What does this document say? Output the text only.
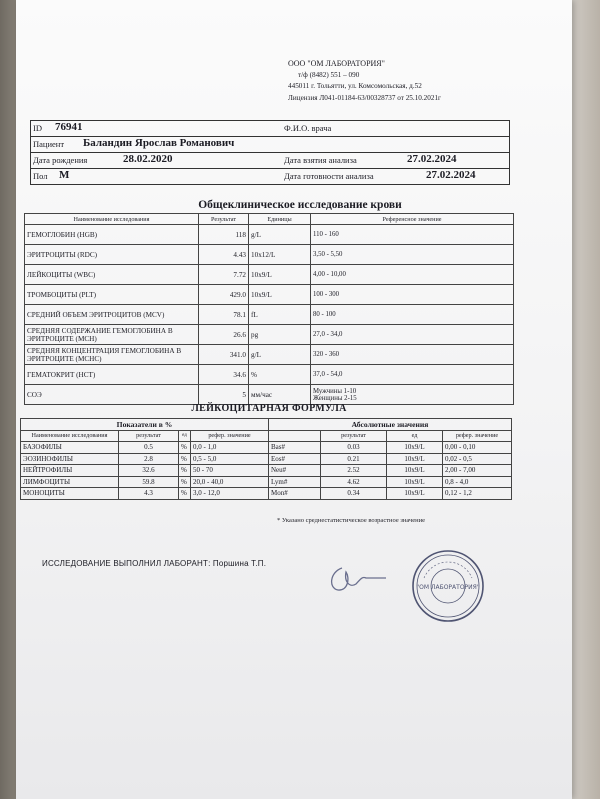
ООО "ОМ ЛАБОРАТОРИЯ"
т/ф (8482) 551 – 090
445011 г. Тольятти, ул. Комсомольская, д.52
Лицензия Л041-01184-63/00328737 от 25.10.2021г
ID 76941	Ф.И.О. врача
Пациент Баландин Ярослав Романович
Дата рождения	28.02.2020	Дата взятия анализа	27.02.2024
Пол М	Дата готовности анализа	27.02.2024
Общеклиническое исследование крови
Наименование исследования	Результат	Единицы	Референсное значение
ГЕМОГЛОБИН (HGB)	118	g/L	110 - 160
ЭРИТРОЦИТЫ (RDC)	4.43	10x12/L	3,50 - 5,50
ЛЕЙКОЦИТЫ (WBC)	7.72	10x9/L	4,00 - 10,00
ТРОМБОЦИТЫ (PLT)	429.0	10x9/L	100 - 300
СРЕДНИЙ ОБЪЕМ ЭРИТРОЦИТОВ (MCV)	78.1	fL	80 - 100
СРЕДНЯЯ СОДЕРЖАНИЕ ГЕМОГЛОБИНА В ЭРИТРОЦИТЕ (MCH)	26.6	pg	27,0 - 34,0
СРЕДНЯЯ КОНЦЕНТРАЦИЯ ГЕМОГЛОБИНА В ЭРИТРОЦИТЕ (MCHC)	341.0	g/L	320 - 360
ГЕМАТОКРИТ (HCT)	34.6	%	37,0 - 54,0
СОЭ	5	мм/час	Мужчины 1-10
Женщины 2-15
ЛЕЙКОЦИТАРНАЯ ФОРМУЛА
Показатели в %				Абсолютные значения			
Наименование исследования	результат	ед	рефер. значение		результат	ед	рефер. значение
БАЗОФИЛЫ	0.5	%	0,0 - 1,0	Bas#	0.03	10x9/L	0,00 - 0,10
ЭОЗИНОФИЛЫ	2.8	%	0,5 - 5,0	Eos#	0.21	10x9/L	0,02 - 0,5
НЕЙТРОФИЛЫ	32.6	%	50 - 70	Neu#	2.52	10x9/L	2,00 - 7,00
ЛИМФОЦИТЫ	59.8	%	20,0 - 40,0	Lym#	4.62	10x9/L	0,8 - 4,0
МОНОЦИТЫ	4.3	%	3,0 - 12,0	Mon#	0.34	10x9/L	0,12 - 1,2
* Указано среднестатистическое возрастное значение
ИССЛЕДОВАНИЕ ВЫПОЛНИЛ ЛАБОРАНТ: Поршина Т.П.
"ОМ ЛАБОРАТОРИЯ"
